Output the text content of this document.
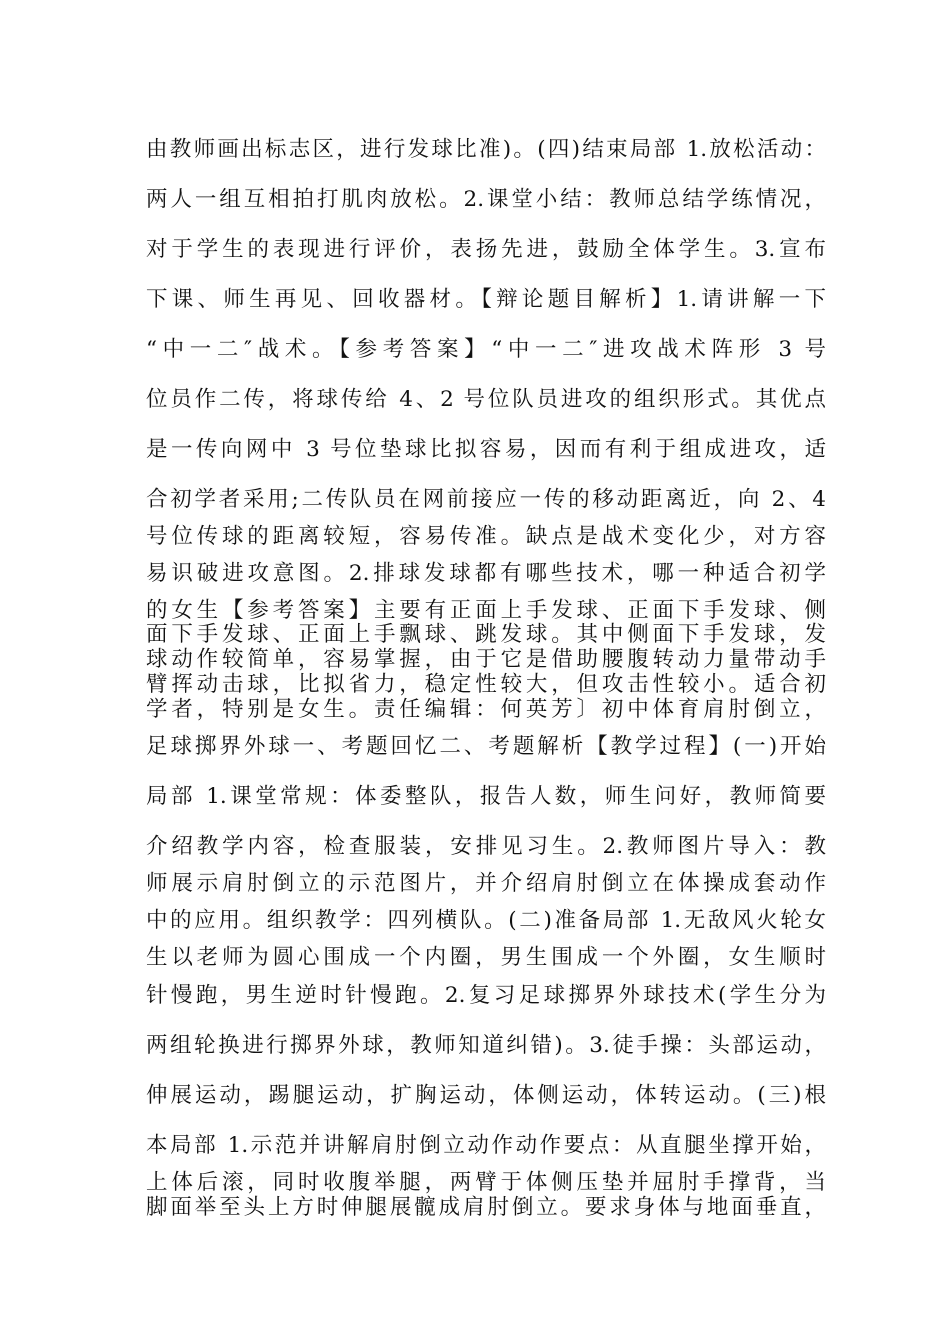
由教师画出标志区，进行发球比准)。(四)结束局部 1.放松活动：
两人一组互相拍打肌肉放松。2.课堂小结：教师总结学练情况，
对于学生的表现进行评价，表扬先进，鼓励全体学生。3.宣布
下课、师生再见、回收器材。【辩论题目解析】1.请讲解一下
“中一二″战术。【参考答案】“中一二″进攻战术阵形 3 号
位员作二传，将球传给 4、2 号位队员进攻的组织形式。其优点
是一传向网中 3 号位垫球比拟容易，因而有利于组成进攻，适
合初学者采用;二传队员在网前接应一传的移动距离近，向 2、4
号位传球的距离较短，容易传准。缺点是战术变化少，对方容
易识破进攻意图。2.排球发球都有哪些技术，哪一种适合初学
的女生【参考答案】主要有正面上手发球、正面下手发球、侧
面下手发球、正面上手飘球、跳发球。其中侧面下手发球，发
球动作较简单，容易掌握，由于它是借助腰腹转动力量带动手
臂挥动击球，比拟省力，稳定性较大，但攻击性较小。适合初
学者，特别是女生。责任编辑：何英芳〕初中体育肩肘倒立，
足球掷界外球一、考题回忆二、考题解析【教学过程】(一)开始
局部 1.课堂常规：体委整队，报告人数，师生问好，教师简要
介绍教学内容，检查服装，安排见习生。2.教师图片导入：教
师展示肩肘倒立的示范图片，并介绍肩肘倒立在体操成套动作
中的应用。组织教学：四列横队。(二)准备局部 1.无敌风火轮女
生以老师为圆心围成一个内圈，男生围成一个外圈，女生顺时
针慢跑，男生逆时针慢跑。2.复习足球掷界外球技术(学生分为
两组轮换进行掷界外球，教师知道纠错)。3.徒手操：头部运动，
伸展运动，踢腿运动，扩胸运动，体侧运动，体转运动。(三)根
本局部 1.示范并讲解肩肘倒立动作动作要点：从直腿坐撑开始，
上体后滚，同时收腹举腿，两臂于体侧压垫并屈肘手撑背，当
脚面举至头上方时伸腿展髋成肩肘倒立。要求身体与地面垂直，
